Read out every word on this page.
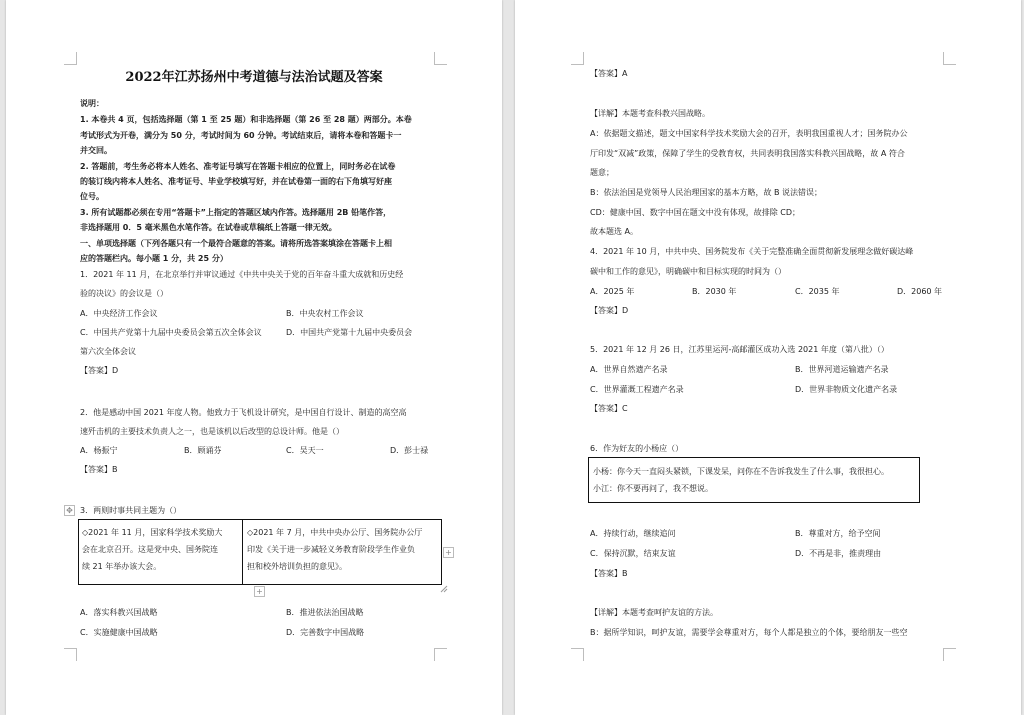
2022年江苏扬州中考道德与法治试题及答案
说明：
1. 本卷共 4 页，包括选择题（第 1 至 25 题）和非选择题（第 26 至 28 题）两部分。本卷
考试形式为开卷，满分为 50 分，考试时间为 60 分钟。考试结束后，请将本卷和答题卡一
并交回。
2. 答题前，考生务必将本人姓名、准考证号填写在答题卡相应的位置上，同时务必在试卷
的装订线内将本人姓名、准考证号、毕业学校填写好，并在试卷第一面的右下角填写好座
位号。
3. 所有试题都必须在专用“答题卡”上指定的答题区域内作答。选择题用 2B 铅笔作答，
非选择题用 0．5 毫米黑色水笔作答。在试卷或草稿纸上答题一律无效。
一、单项选择题（下列各题只有一个最符合题意的答案。请将所选答案填涂在答题卡上相
应的答题栏内。每小题 1 分，共 25 分）
1．2021 年 11 月，在北京举行并审议通过《中共中央关于党的百年奋斗重大成就和历史经
验的决议》的会议是（）
A．中央经济工作会议	B．中央农村工作会议
C．中国共产党第十九届中央委员会第五次全体会议	D．中国共产党第十九届中央委员会
第六次全体会议
【答案】D
2．他是感动中国 2021 年度人物。他致力于飞机设计研究，是中国自行设计、制造的高空高
速歼击机的主要技术负责人之一，也是该机以后改型的总设计师。他是（）
A．杨振宁	B．顾诵芬	C．吴天一	D．彭士禄
【答案】B
✥ 3．两则时事共同主题为（）
◇2021 年 11 月，国家科学技术奖励大
会在北京召开。这是党中央、国务院连
续 21 年举办该大会。
◇2021 年 7 月，中共中央办公厅、国务院办公厅
印发《关于进一步减轻义务教育阶段学生作业负
担和校外培训负担的意见》。
+
+
A．落实科教兴国战略	B．推进依法治国战略
C．实施健康中国战略	D．完善数字中国战略
【答案】A
【详解】本题考查科教兴国战略。
A：依据题文描述，题文中国家科学技术奖励大会的召开，表明我国重视人才；国务院办公
厅印发“双减”政策，保障了学生的受教育权，共同表明我国落实科教兴国战略，故 A 符合
题意；
B：依法治国是党领导人民治理国家的基本方略，故 B 说法错误；
CD：健康中国、数字中国在题文中没有体现，故排除 CD；
故本题选 A。
4．2021 年 10 月，中共中央、国务院发布《关于完整准确全面贯彻新发展理念做好碳达峰
碳中和工作的意见》，明确碳中和目标实现的时间为（）
A．2025 年	B．2030 年	C．2035 年	D．2060 年
【答案】D
5．2021 年 12 月 26 日，江苏里运河-高邮灌区成功入选 2021 年度（第八批）（）
A．世界自然遗产名录	B．世界河道运输遗产名录
C．世界灌溉工程遗产名录	D．世界非物质文化遗产名录
【答案】C
6．作为好友的小杨应（）
小杨：你今天一直闷头紧锁，下课发呆，问你在不告诉我发生了什么事，我很担心。
小江：你不要再问了，我不想说。
A．持续行动，继续追问	B．尊重对方，给予空间
C．保持沉默，结束友谊	D．不再是非，推责理由
【答案】B
【详解】本题考查呵护友谊的方法。
B：据所学知识，呵护友谊，需要学会尊重对方，每个人都是独立的个体，要给朋友一些空
